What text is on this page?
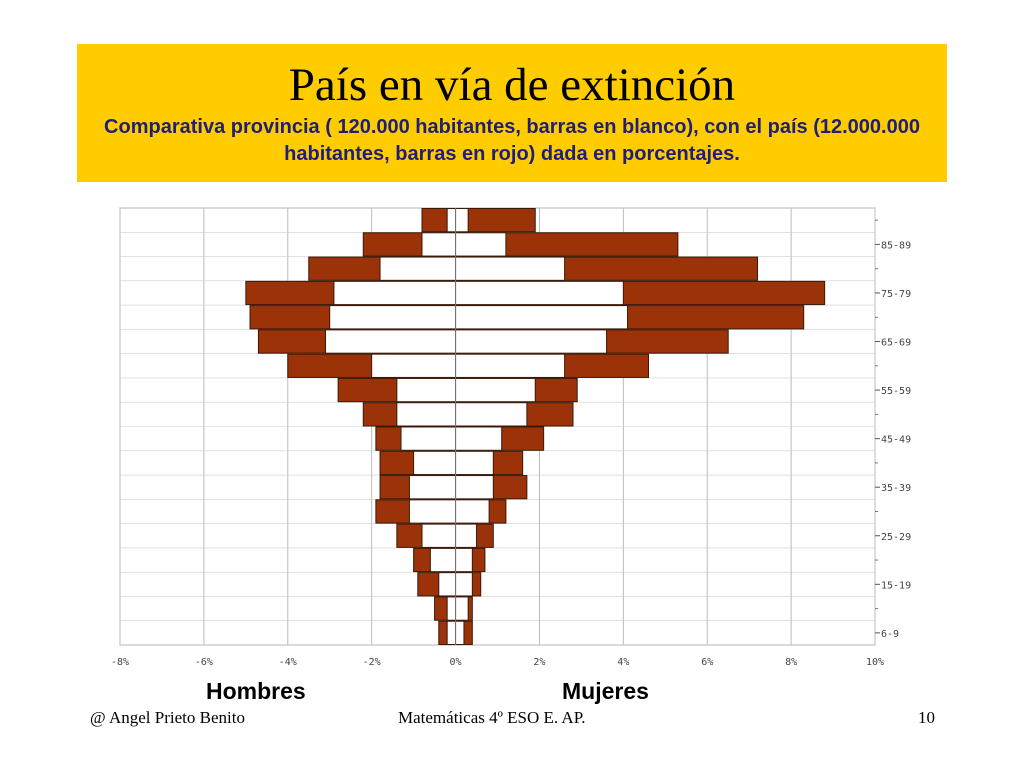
País en vía de extinción
Comparativa provincia ( 120.000 habitantes, barras en blanco), con el país (12.000.000 habitantes, barras en rojo) dada en porcentajes.
-8%	-6%	-4%	-2%	0%	2%	4%	6%	8%	10%
85-89
75-79
65-69
55-59
45-49
35-39
25-29
15-19
6-9
Hombres	Mujeres
@ Angel Prieto Benito	Matemáticas 4º ESO E. AP.	10
